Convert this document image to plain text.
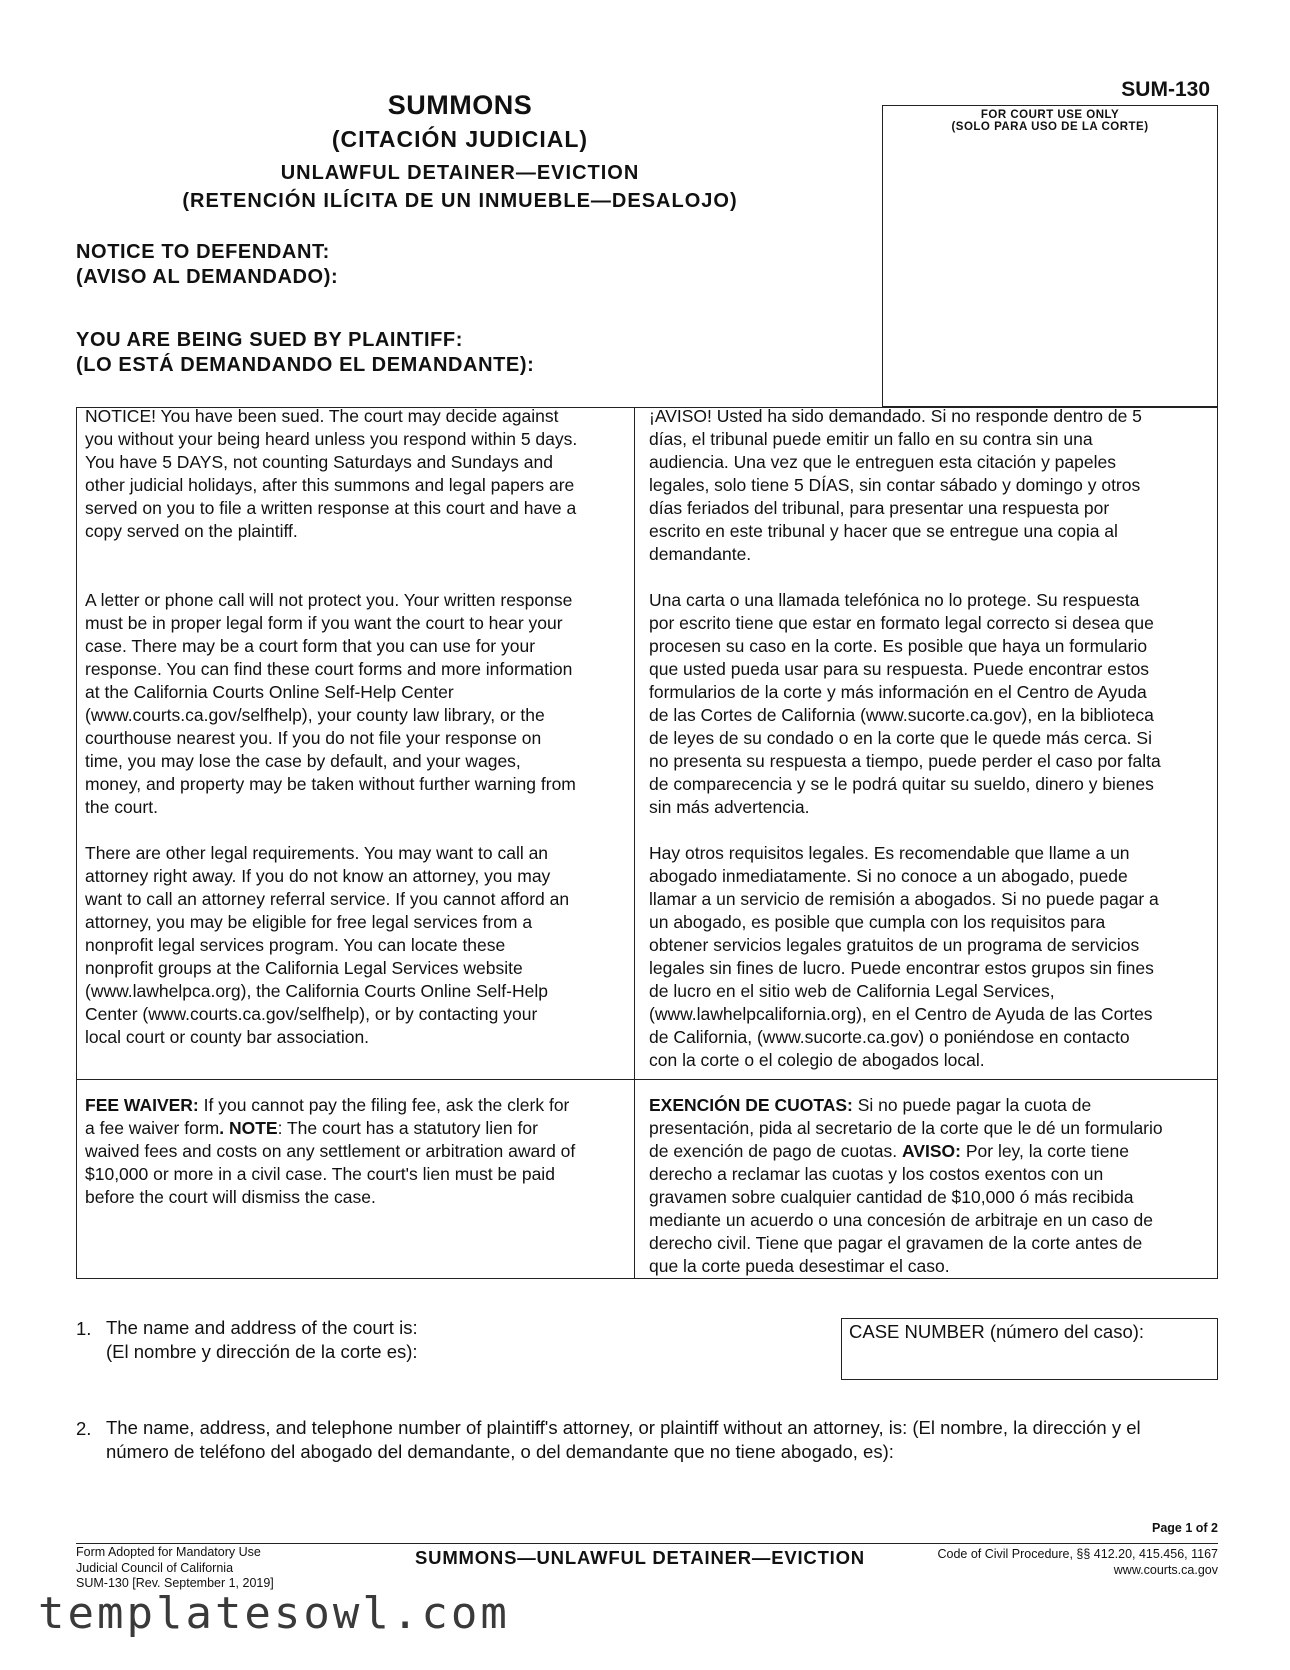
SUM-130
FOR COURT USE ONLY
(SOLO PARA USO DE LA CORTE)
SUMMONS
(CITACIÓN JUDICIAL)
UNLAWFUL DETAINER—EVICTION
(RETENCIÓN ILÍCITA DE UN INMUEBLE—DESALOJO)
NOTICE TO DEFENDANT:
(AVISO AL DEMANDADO):
YOU ARE BEING SUED BY PLAINTIFF:
(LO ESTÁ DEMANDANDO EL DEMANDANTE):
NOTICE! You have been sued. The court may decide against
you without your being heard unless you respond within 5 days.
You have 5 DAYS, not counting Saturdays and Sundays and
other judicial holidays, after this summons and legal papers are
served on you to file a written response at this court and have a
copy served on the plaintiff.
A letter or phone call will not protect you. Your written response
must be in proper legal form if you want the court to hear your
case. There may be a court form that you can use for your
response. You can find these court forms and more information
at the California Courts Online Self-Help Center
(www.courts.ca.gov/selfhelp), your county law library, or the
courthouse nearest you. If you do not file your response on
time, you may lose the case by default, and your wages,
money, and property may be taken without further warning from
the court.
There are other legal requirements. You may want to call an
attorney right away. If you do not know an attorney, you may
want to call an attorney referral service. If you cannot afford an
attorney, you may be eligible for free legal services from a
nonprofit legal services program. You can locate these
nonprofit groups at the California Legal Services website
(www.lawhelpca.org), the California Courts Online Self-Help
Center (www.courts.ca.gov/selfhelp), or by contacting your
local court or county bar association.
FEE WAIVER: If you cannot pay the filing fee, ask the clerk for
a fee waiver form. NOTE: The court has a statutory lien for
waived fees and costs on any settlement or arbitration award of
$10,000 or more in a civil case. The court's lien must be paid
before the court will dismiss the case.
¡AVISO! Usted ha sido demandado. Si no responde dentro de 5
días, el tribunal puede emitir un fallo en su contra sin una
audiencia. Una vez que le entreguen esta citación y papeles
legales, solo tiene 5 DÍAS, sin contar sábado y domingo y otros
días feriados del tribunal, para presentar una respuesta por
escrito en este tribunal y hacer que se entregue una copia al
demandante.
Una carta o una llamada telefónica no lo protege. Su respuesta
por escrito tiene que estar en formato legal correcto si desea que
procesen su caso en la corte. Es posible que haya un formulario
que usted pueda usar para su respuesta. Puede encontrar estos
formularios de la corte y más información en el Centro de Ayuda
de las Cortes de California (www.sucorte.ca.gov), en la biblioteca
de leyes de su condado o en la corte que le quede más cerca. Si
no presenta su respuesta a tiempo, puede perder el caso por falta
de comparecencia y se le podrá quitar su sueldo, dinero y bienes
sin más advertencia.
Hay otros requisitos legales. Es recomendable que llame a un
abogado inmediatamente. Si no conoce a un abogado, puede
llamar a un servicio de remisión a abogados. Si no puede pagar a
un abogado, es posible que cumpla con los requisitos para
obtener servicios legales gratuitos de un programa de servicios
legales sin fines de lucro. Puede encontrar estos grupos sin fines
de lucro en el sitio web de California Legal Services,
(www.lawhelpcalifornia.org), en el Centro de Ayuda de las Cortes
de California, (www.sucorte.ca.gov) o poniéndose en contacto
con la corte o el colegio de abogados local.
EXENCIÓN DE CUOTAS: Si no puede pagar la cuota de
presentación, pida al secretario de la corte que le dé un formulario
de exención de pago de cuotas. AVISO: Por ley, la corte tiene
derecho a reclamar las cuotas y los costos exentos con un
gravamen sobre cualquier cantidad de $10,000 ó más recibida
mediante un acuerdo o una concesión de arbitraje en un caso de
derecho civil. Tiene que pagar el gravamen de la corte antes de
que la corte pueda desestimar el caso.
1. The name and address of the court is:
(El nombre y dirección de la corte es):
CASE NUMBER (número del caso):
2. The name, address, and telephone number of plaintiff's attorney, or plaintiff without an attorney, is: (El nombre, la dirección y el
número de teléfono del abogado del demandante, o del demandante que no tiene abogado, es):
Page 1 of 2
Form Adopted for Mandatory Use
Judicial Council of California
SUM-130 [Rev. September 1, 2019]
SUMMONS—UNLAWFUL DETAINER—EVICTION	Code of Civil Procedure, §§ 412.20, 415.456, 1167
www.courts.ca.gov
templatesowl.com
